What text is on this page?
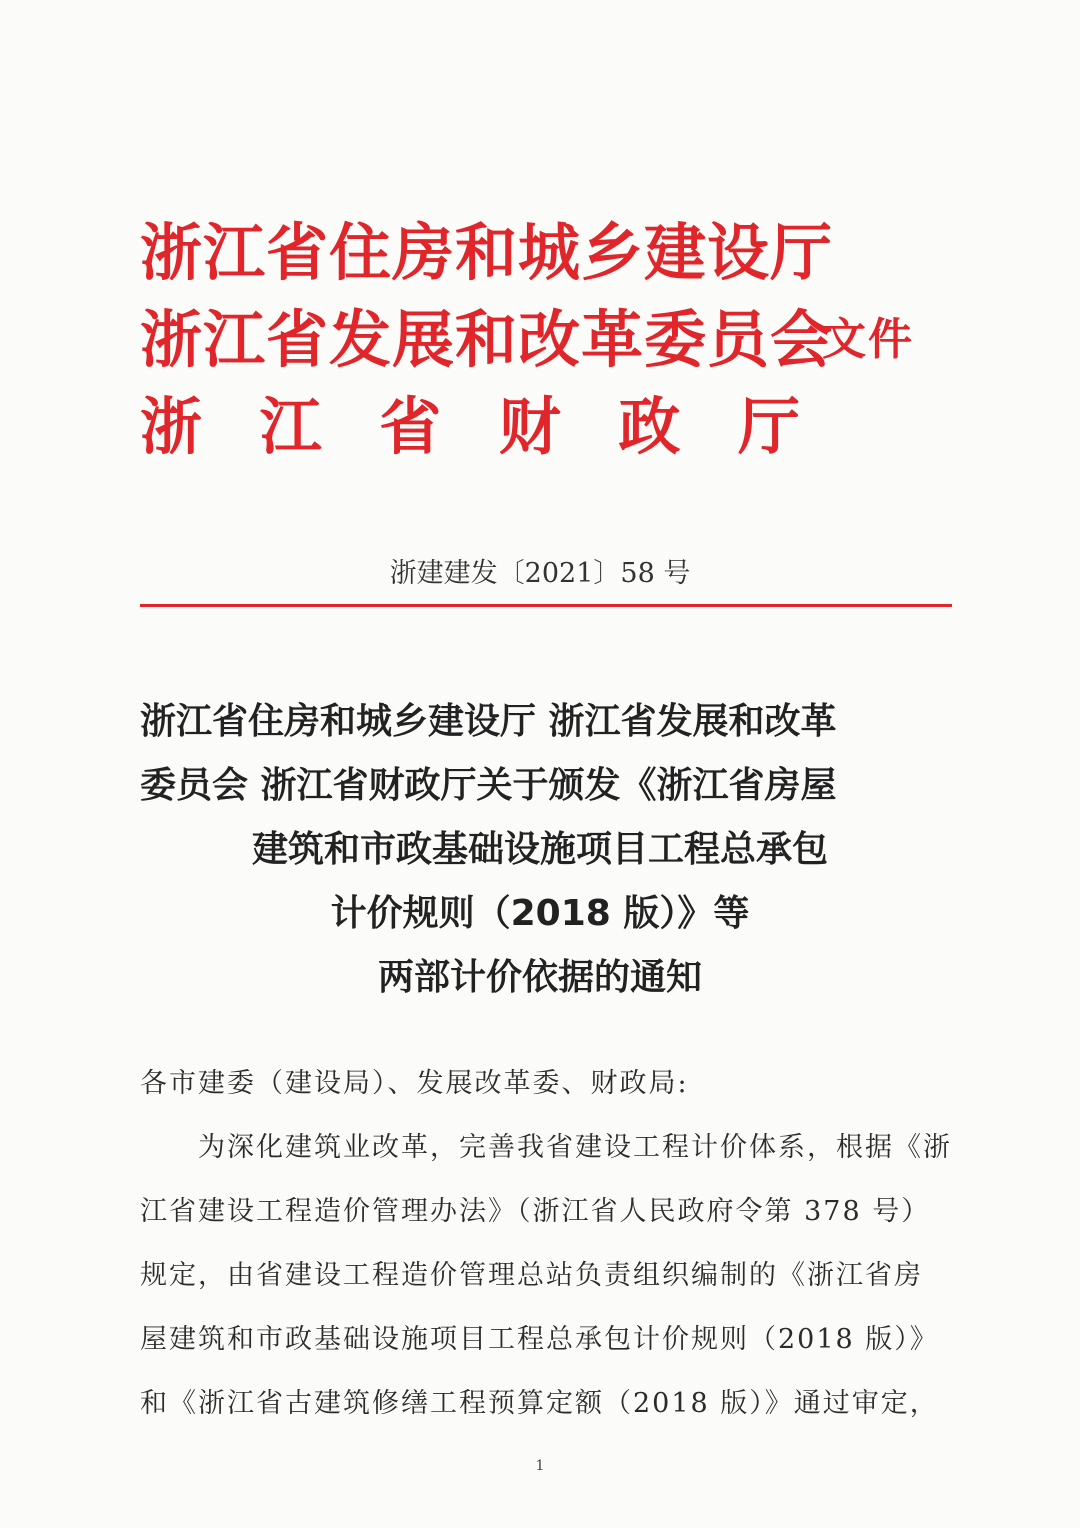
浙江省住房和城乡建设厅
浙江省发展和改革委员会
浙 江 省 财 政 厅
文件
浙建建发〔2021〕58 号
浙江省住房和城乡建设厅 浙江省发展和改革
委员会 浙江省财政厅关于颁发《浙江省房屋
建筑和市政基础设施项目工程总承包
计价规则（2018 版）》等
两部计价依据的通知
各市建委（建设局）、发展改革委、财政局:
　　为深化建筑业改革，完善我省建设工程计价体系，根据《浙
江省建设工程造价管理办法》（浙江省人民政府令第 378 号）
规定，由省建设工程造价管理总站负责组织编制的《浙江省房
屋建筑和市政基础设施项目工程总承包计价规则（2018 版）》
和《浙江省古建筑修缮工程预算定额（2018 版）》通过审定，
1
